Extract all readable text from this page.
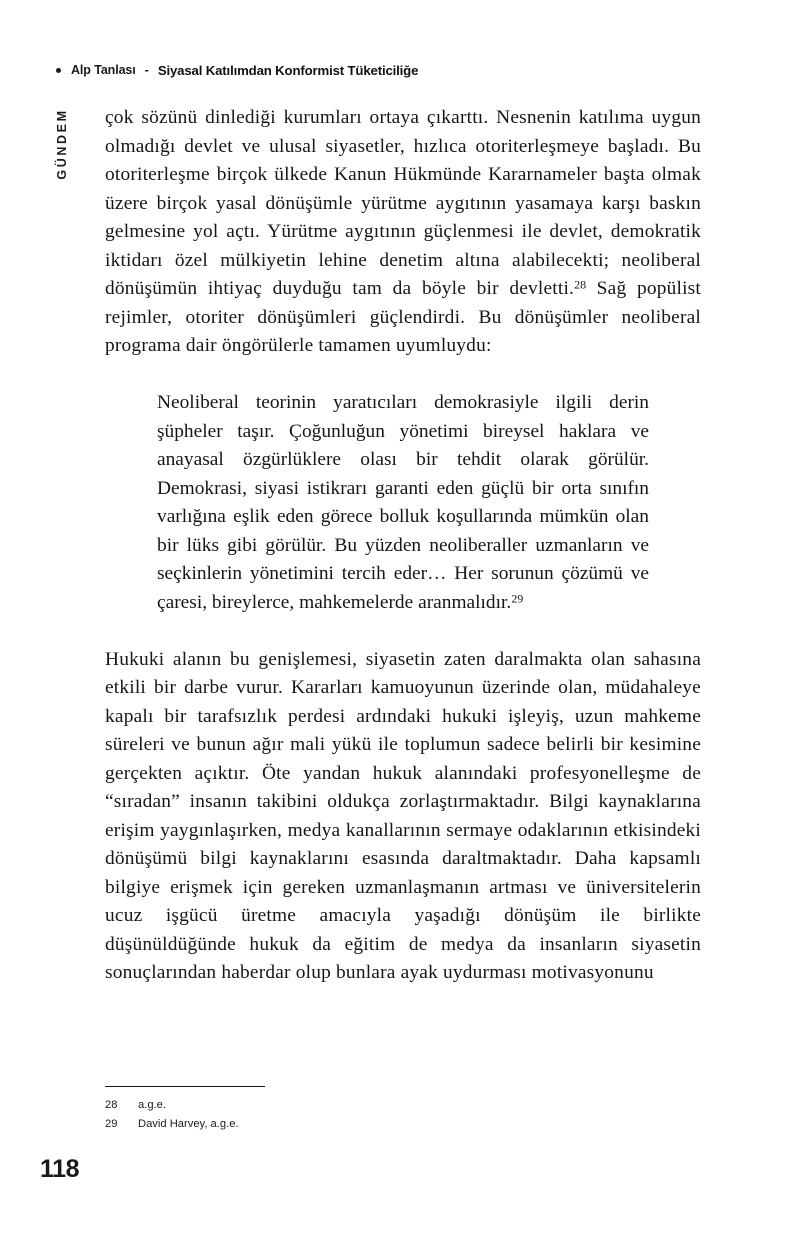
Alp Tanlası - Siyasal Katılımdan Konformist Tüketiciliğe
GÜNDEM çok sözünü dinlediği kurumları ortaya çıkarttı. Nesnenin katılıma uygun olmadığı devlet ve ulusal siyasetler, hızlıca otoriterleşmeye başladı. Bu otoriterleşme birçok ülkede Kanun Hükmünde Kararnameler başta olmak üzere birçok yasal dönüşümle yürütme aygıtının yasamaya karşı baskın gelmesine yol açtı. Yürütme aygıtının güçlenmesi ile devlet, demokratik iktidarı özel mülkiyetin lehine denetim altına alabilecekti; neoliberal dönüşümün ihtiyaç duyduğu tam da böyle bir devletti.$^{28}$ Sağ popülist rejimler, otoriter dönüşümleri güçlendirdi. Bu dönüşümler neoliberal programa dair öngörülerle tamamen uyumluydu:

Neoliberal teorinin yaratıcıları demokrasiyle ilgili derin şüpheler taşır. Çoğunluğun yönetimi bireysel haklara ve anayasal özgürlüklere olası bir tehdit olarak görülür. Demokrasi, siyasi istikrarı garanti eden güçlü bir orta sınıfın varlığına eşlik eden görece bolluk koşullarında mümkün olan bir lüks gibi görülür. Bu yüzden neoliberaller uzmanların ve seçkinlerin yönetimini tercih eder… Her sorunun çözümü ve çaresi, bireylerce, mahkemelerde aranmalıdır.$^{29}$

Hukuki alanın bu genişlemesi, siyasetin zaten daralmakta olan sahasına etkili bir darbe vurur. Kararları kamuoyunun üzerinde olan, müdahaleye kapalı bir tarafsızlık perdesi ardındaki hukuki işleyiş, uzun mahkeme süreleri ve bunun ağır mali yükü ile toplumun sadece belirli bir kesimine gerçekten açıktır. Öte yandan hukuk alanındaki profesyonelleşme de “sıradan” insanın takibini oldukça zorlaştırmaktadır. Bilgi kaynaklarına erişim yaygınlaşırken, medya kanallarının sermaye odaklarının etkisindeki dönüşümü bilgi kaynaklarını esasında daraltmaktadır. Daha kapsamlı bilgiye erişmek için gereken uzmanlaşmanın artması ve üniversitelerin ucuz işgücü üretme amacıyla yaşadığı dönüşüm ile birlikte düşünüldüğünde hukuk da eğitim de medya da insanların siyasetin sonuçlarından haberdar olup bunlara ayak uydurması motivasyonunu

28	a.g.e.
29	David Harvey, a.g.e.
118
